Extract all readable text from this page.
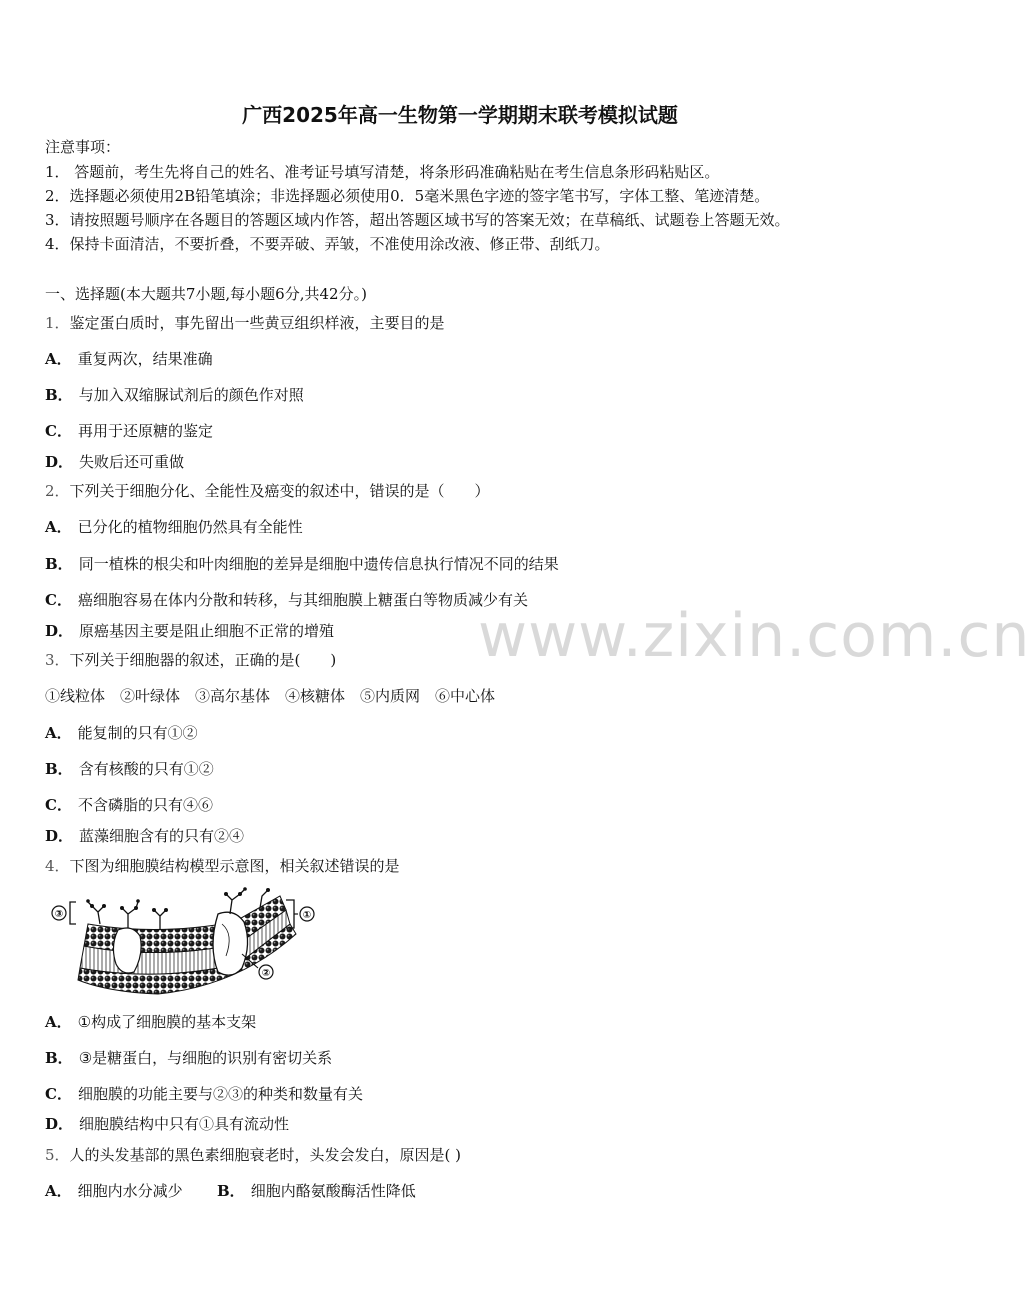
广西2025年高一生物第一学期期末联考模拟试题
注意事项：
1． 答题前，考生先将自己的姓名、准考证号填写清楚，将条形码准确粘贴在考生信息条形码粘贴区。
2．选择题必须使用2B铅笔填涂；非选择题必须使用0．5毫米黑色字迹的签字笔书写，字体工整、笔迹清楚。
3．请按照题号顺序在各题目的答题区域内作答，超出答题区域书写的答案无效；在草稿纸、试题卷上答题无效。
4．保持卡面清洁，不要折叠，不要弄破、弄皱，不准使用涂改液、修正带、刮纸刀。
一、选择题(本大题共7小题,每小题6分,共42分。)
1．鉴定蛋白质时，事先留出一些黄豆组织样液，主要目的是
A． 重复两次，结果准确
B． 与加入双缩脲试剂后的颜色作对照
C． 再用于还原糖的鉴定
D． 失败后还可重做
2．下列关于细胞分化、全能性及癌变的叙述中，错误的是（　　）
A． 已分化的植物细胞仍然具有全能性
B． 同一植株的根尖和叶肉细胞的差异是细胞中遗传信息执行情况不同的结果
C． 癌细胞容易在体内分散和转移，与其细胞膜上糖蛋白等物质减少有关
D． 原癌基因主要是阻止细胞不正常的增殖 www.zixin.com.cn
3．下列关于细胞器的叙述，正确的是(　　)
①线粒体　②叶绿体　③高尔基体　④核糖体　⑤内质网　⑥中心体
A． 能复制的只有①②
B． 含有核酸的只有①②
C． 不含磷脂的只有④⑥
D． 蓝藻细胞含有的只有②④
4．下图为细胞膜结构模型示意图，相关叙述错误的是
③	①
②
A． ①构成了细胞膜的基本支架
B． ③是糖蛋白，与细胞的识别有密切关系
C． 细胞膜的功能主要与②③的种类和数量有关
D． 细胞膜结构中只有①具有流动性
5．人的头发基部的黑色素细胞衰老时，头发会发白，原因是( )
A． 细胞内水分减少 B． 细胞内酪氨酸酶活性降低
